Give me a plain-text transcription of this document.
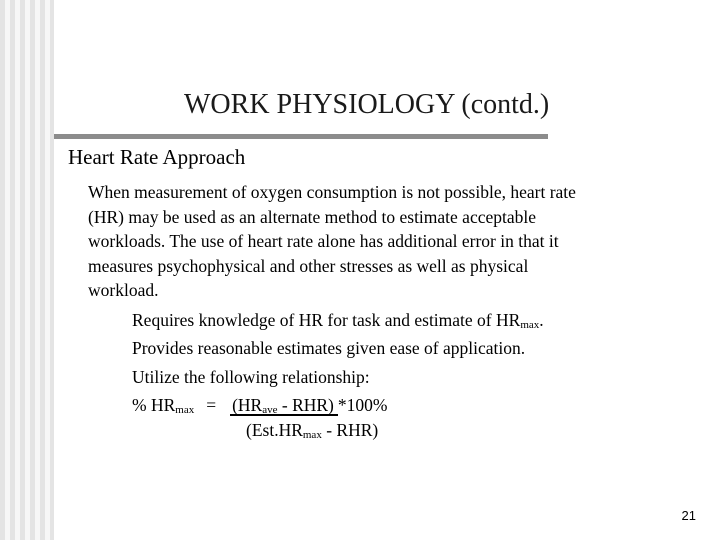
WORK PHYSIOLOGY (contd.)
Heart Rate Approach
When measurement of oxygen consumption is not possible, heart rate
(HR) may be used as an alternate method to estimate acceptable
workloads. The use of heart rate alone has additional error in that it
measures psychophysical and other stresses as well as physical
workload.
Requires knowledge of HR for task and estimate of $HR_{max}$.
Provides reasonable estimates given ease of application.
Utilize the following relationship:
% $HR_{max} = (HR_{ave} - RHR)$ *100%
$(Est.HR_{max} - RHR)$
21
